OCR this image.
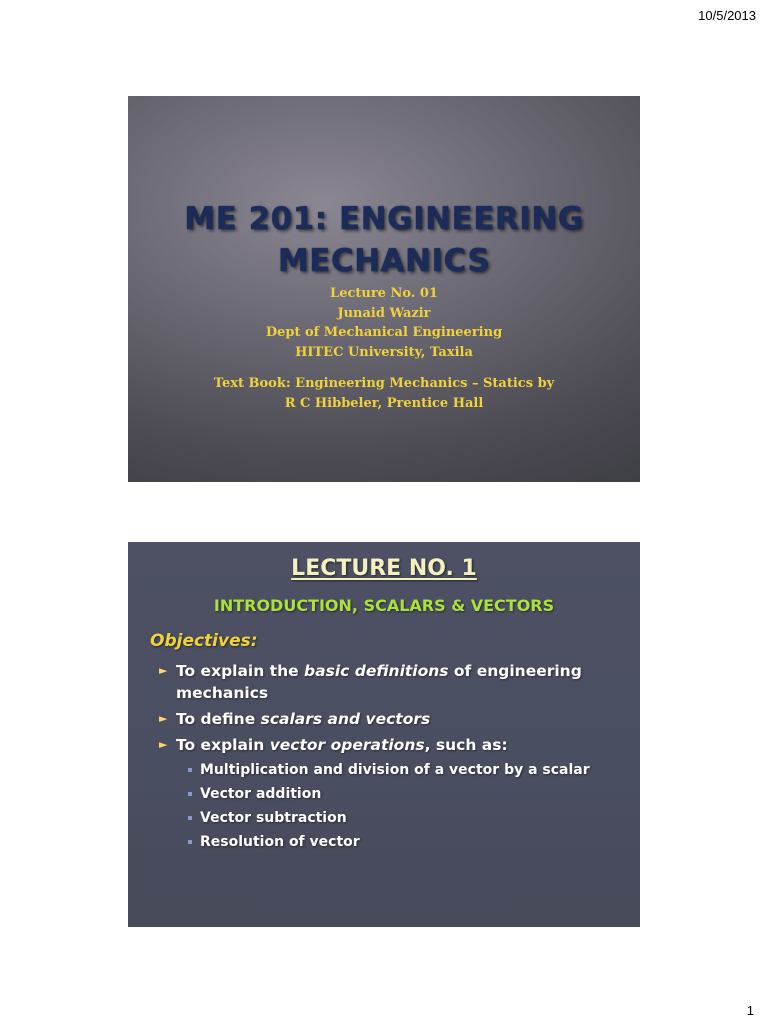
10/5/2013
ME 201: ENGINEERING
MECHANICS
Lecture No. 01
Junaid Wazir
Dept of Mechanical Engineering
HITEC University, Taxila
Text Book: Engineering Mechanics – Statics by
R C Hibbeler, Prentice Hall
LECTURE NO. 1
INTRODUCTION, SCALARS & VECTORS
Objectives:
► To explain the basic definitions of engineering mechanics
► To define scalars and vectors
► To explain vector operations, such as:
Multiplication and division of a vector by a scalar
Vector addition
Vector subtraction
Resolution of vector
1
